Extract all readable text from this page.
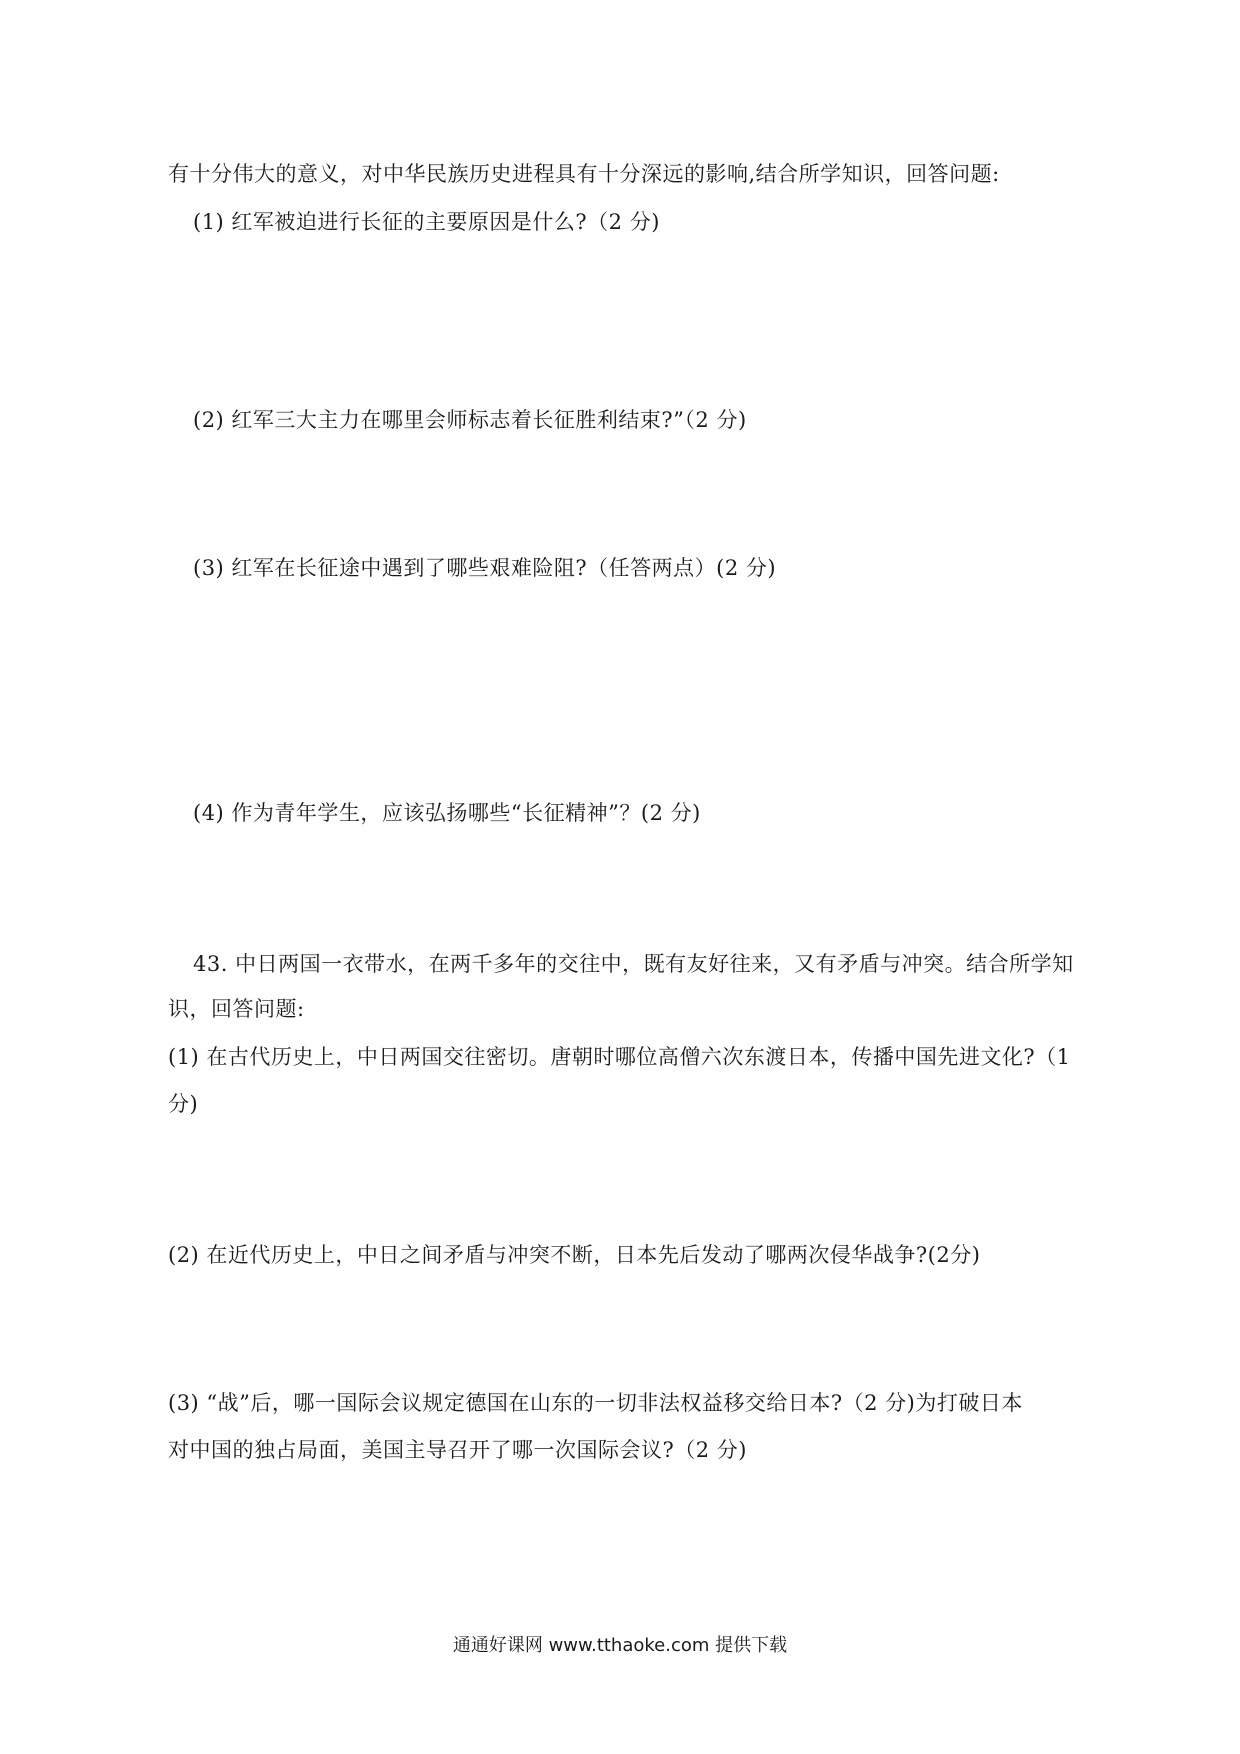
有十分伟大的意义，对中华民族历史进程具有十分深远的影响,结合所学知识，回答问题:
(1) 红军被迫进行长征的主要原因是什么?（2 分)
(2) 红军三大主力在哪里会师标志着长征胜利结束?”（2 分)
(3) 红军在长征途中遇到了哪些艰难险阻?（任答两点）(2 分)
(4) 作为青年学生，应该弘扬哪些“长征精神”？(2 分)
43. 中日两国一衣带水，在两千多年的交往中，既有友好往来，又有矛盾与冲突。结合所学知
识，回答问题:
(1) 在古代历史上，中日两国交往密切。唐朝时哪位高僧六次东渡日本，传播中国先进文化?（1
分)
(2) 在近代历史上，中日之间矛盾与冲突不断，日本先后发动了哪两次侵华战争?(2分)
(3) “战”后，哪一国际会议规定德国在山东的一切非法权益移交给日本?（2 分)为打破日本
对中国的独占局面，美国主导召开了哪一次国际会议?（2 分)
通通好课网 www.tthaoke.com 提供下载
